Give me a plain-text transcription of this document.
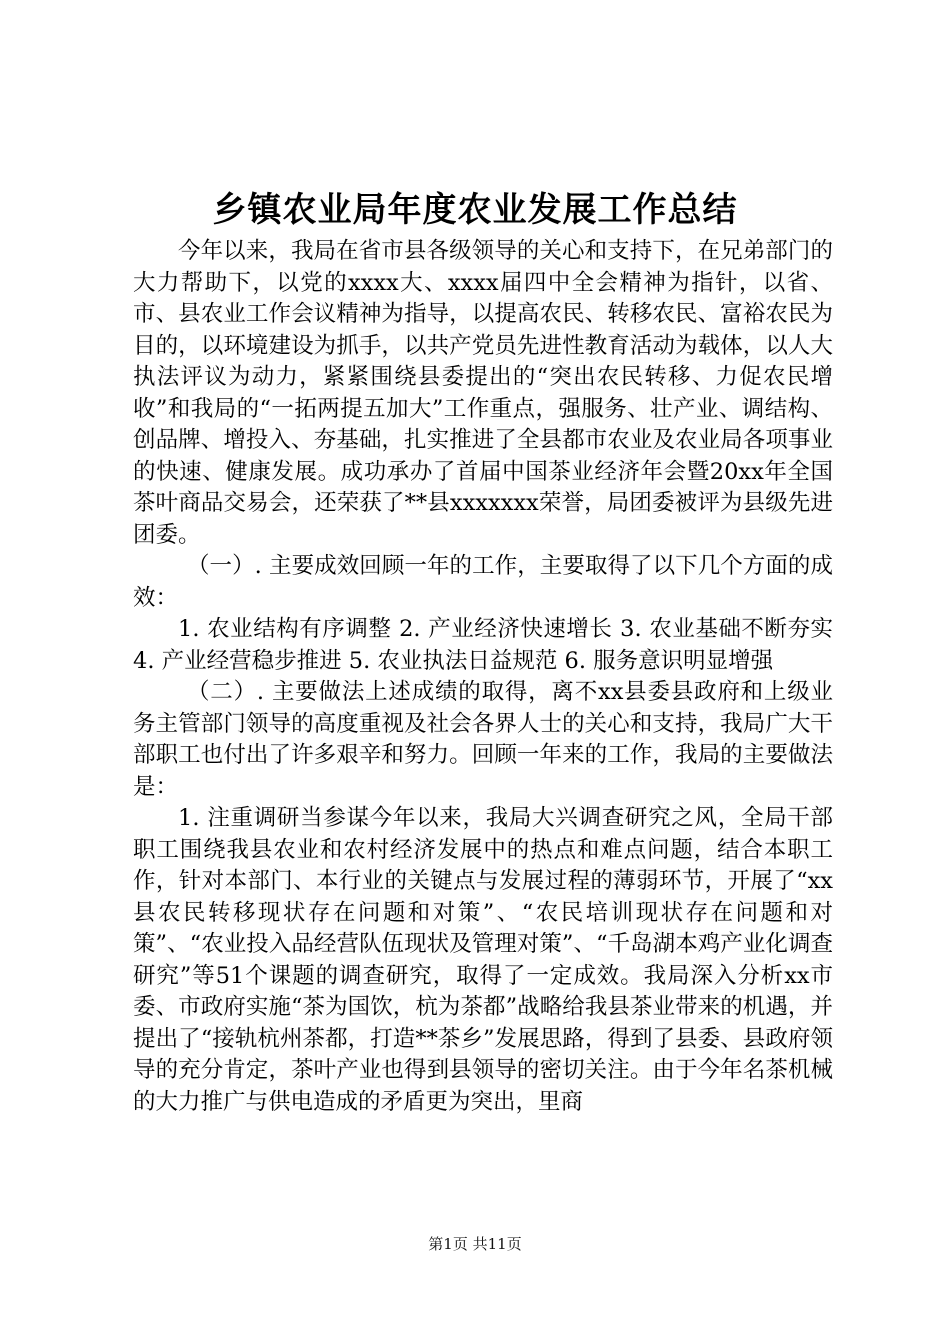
乡镇农业局年度农业发展工作总结

今年以来，我局在省市县各级领导的关心和支持下，在兄弟部门的大力帮助下，以党的xxxx大、xxxx届四中全会精神为指针，以省、市、县农业工作会议精神为指导，以提高农民、转移农民、富裕农民为目的，以环境建设为抓手，以共产党员先进性教育活动为载体，以人大执法评议为动力，紧紧围绕县委提出的“突出农民转移、力促农民增收”和我局的“一拓两提五加大”工作重点，强服务、壮产业、调结构、创品牌、增投入、夯基础，扎实推进了全县都市农业及农业局各项事业的快速、健康发展。成功承办了首届中国茶业经济年会暨20xx年全国茶叶商品交易会，还荣获了**县xxxxxxx荣誉，局团委被评为县级先进团委。

（一）. 主要成效回顾一年的工作，主要取得了以下几个方面的成效：

1. 农业结构有序调整 2. 产业经济快速增长 3. 农业基础不断夯实 4. 产业经营稳步推进 5. 农业执法日益规范 6. 服务意识明显增强

（二）. 主要做法上述成绩的取得，离不xx县委县政府和上级业务主管部门领导的高度重视及社会各界人士的关心和支持，我局广大干部职工也付出了许多艰辛和努力。回顾一年来的工作，我局的主要做法是：

1. 注重调研当参谋今年以来，我局大兴调查研究之风，全局干部职工围绕我县农业和农村经济发展中的热点和难点问题，结合本职工作，针对本部门、本行业的关键点与发展过程的薄弱环节，开展了“xx县农民转移现状存在问题和对策”、“农民培训现状存在问题和对策”、“农业投入品经营队伍现状及管理对策”、“千岛湖本鸡产业化调查研究”等51个课题的调查研究，取得了一定成效。我局深入分析xx市委、市政府实施“茶为国饮，杭为茶都”战略给我县茶业带来的机遇，并提出了“接轨杭州茶都，打造**茶乡”发展思路，得到了县委、县政府领导的充分肯定，茶叶产业也得到县领导的密切关注。由于今年名茶机械的大力推广与供电造成的矛盾更为突出，里商

第1页 共11页
